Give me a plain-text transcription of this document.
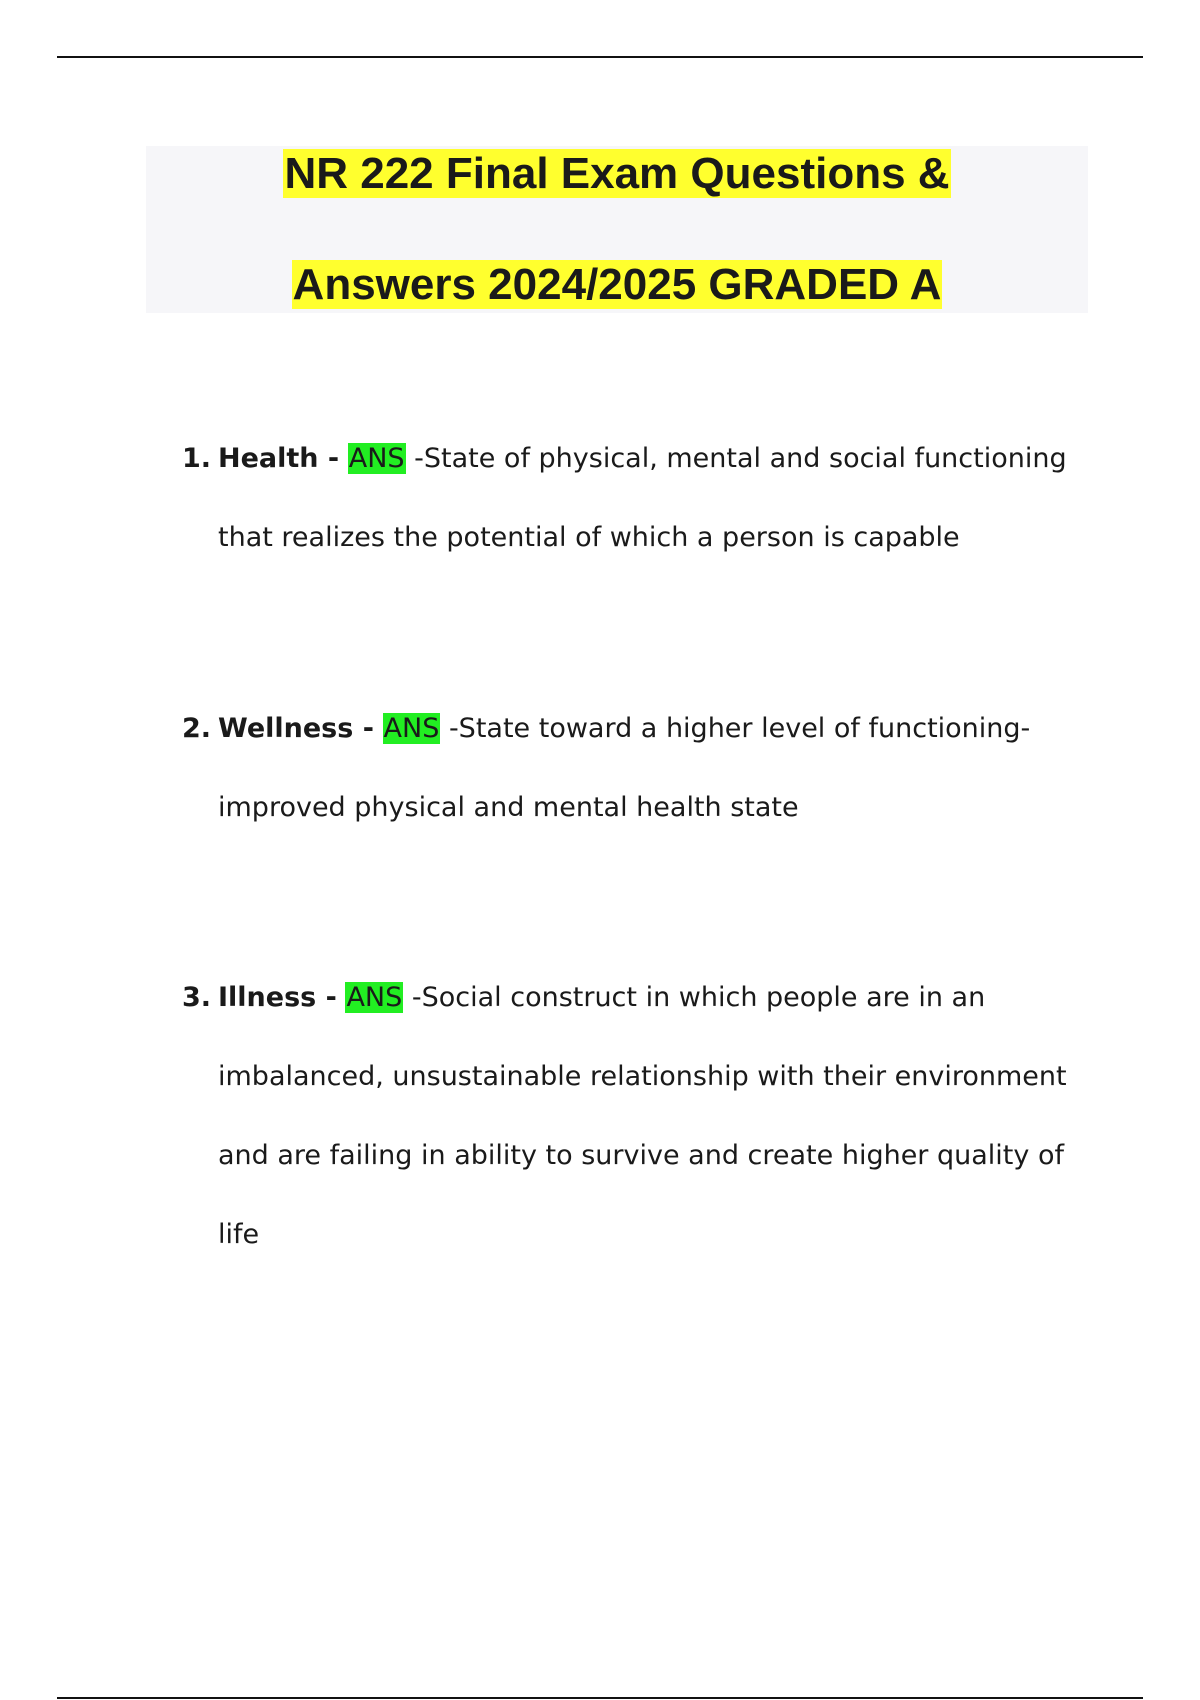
NR 222 Final Exam Questions &
Answers 2024/2025 GRADED A
1. Health - ANS -State of physical, mental and social functioning that realizes the potential of which a person is capable
2. Wellness - ANS -State toward a higher level of functioning- improved physical and mental health state
3. Illness - ANS -Social construct in which people are in an imbalanced, unsustainable relationship with their environment and are failing in ability to survive and create higher quality of life
